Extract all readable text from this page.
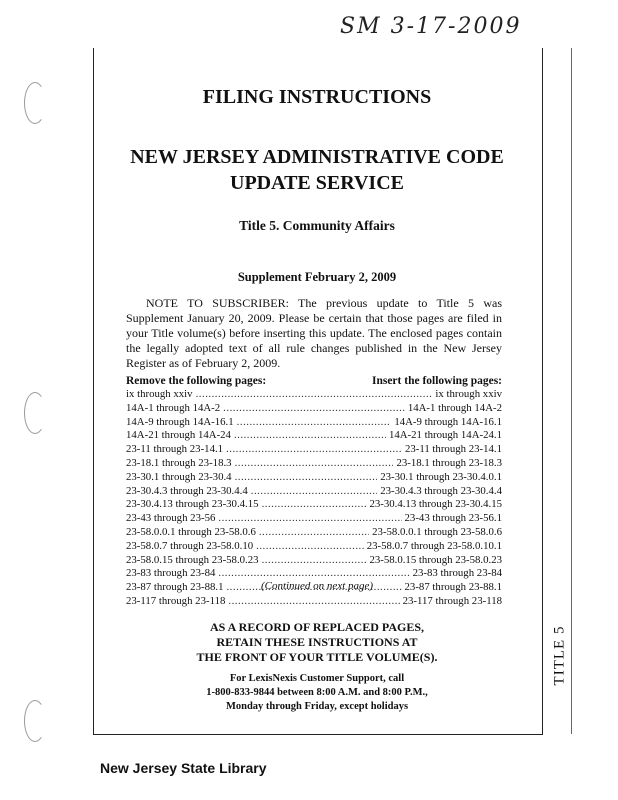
SM 3-17-2009
FILING INSTRUCTIONS
NEW JERSEY ADMINISTRATIVE CODE
UPDATE SERVICE
Title 5. Community Affairs
Supplement February 2, 2009
NOTE TO SUBSCRIBER: The previous update to Title 5 was Supplement January 20, 2009. Please be certain that those pages are filed in your Title volume(s) before inserting this update. The enclosed pages contain the legally adopted text of all rule changes published in the New Jersey Register as of February 2, 2009.
Remove the following pages:	Insert the following pages:
ix through xxiv .....	ix through xxiv
14A-1 through 14A-2 .....	14A-1 through 14A-2
14A-9 through 14A-16.1 .....	14A-9 through 14A-16.1
14A-21 through 14A-24 .....	14A-21 through 14A-24.1
23-11 through 23-14.1 .....	23-11 through 23-14.1
23-18.1 through 23-18.3 .....	23-18.1 through 23-18.3
23-30.1 through 23-30.4 .....	23-30.1 through 23-30.4.0.1
23-30.4.3 through 23-30.4.4 .....	23-30.4.3 through 23-30.4.4
23-30.4.13 through 23-30.4.15 .....	23-30.4.13 through 23-30.4.15
23-43 through 23-56 .....	23-43 through 23-56.1
23-58.0.0.1 through 23-58.0.6 .....	23-58.0.0.1 through 23-58.0.6
23-58.0.7 through 23-58.0.10 .....	23-58.0.7 through 23-58.0.10.1
23-58.0.15 through 23-58.0.23 .....	23-58.0.15 through 23-58.0.23
23-83 through 23-84 .....	23-83 through 23-84
23-87 through 23-88.1 .....	23-87 through 23-88.1
23-117 through 23-118 .....	23-117 through 23-118
(Continued on next page)
AS A RECORD OF REPLACED PAGES,
RETAIN THESE INSTRUCTIONS AT
THE FRONT OF YOUR TITLE VOLUME(S).
For LexisNexis Customer Support, call
1-800-833-9844 between 8:00 A.M. and 8:00 P.M.,
Monday through Friday, except holidays
TITLE 5
New Jersey State Library
